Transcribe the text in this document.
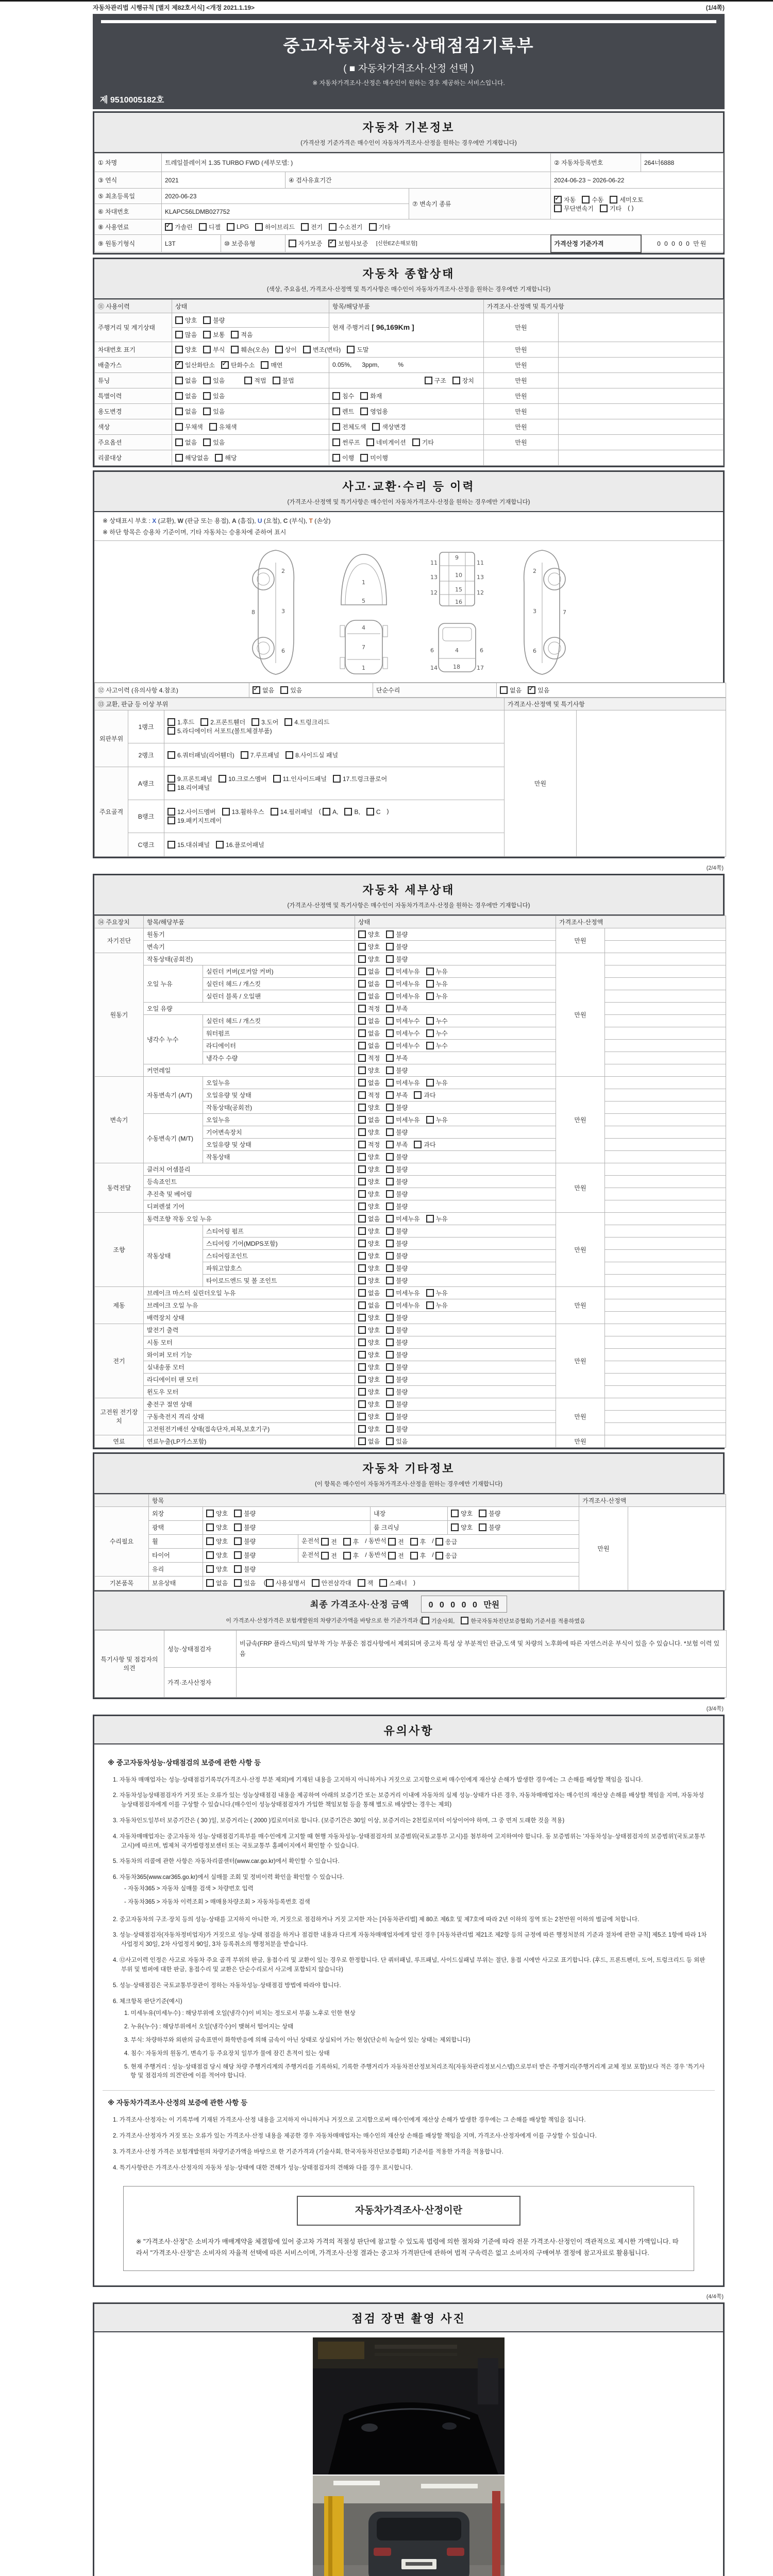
자동차관리법 시행규칙 [별지 제82호서식] <개정 2021.1.19>	(1/4쪽)
중고자동차성능·상태점검기록부
( ■ 자동차가격조사·산정 선택 )
※ 자동차가격조사·산정은 매수인이 원하는 경우 제공하는 서비스입니다.
제 9510005182호
자동차 기본정보
(가격산정 기준가격은 매수인이 자동차가격조사·산정을 원하는 경우에만 기재합니다)
① 차명	트레일블레이저 1.35 TURBO FWD (세부모델: )				② 자동차등록번호	264너6888
③ 연식	2021		④ 검사유효기간		2024-06-23 ~ 2026-06-22	
⑤ 최초등록일	2020-06-23			⑦ 변속기 종류	✓자동 수동 세미오토
무단변속기 기타 ( )
⑥ 차대번호	KLAPC56LDMB027752					
⑧ 사용연료	✓가솔린 디젤 LPG 하이브리드 전기 수소전기 기타
⑨ 원동기형식	L3T	⑩ 보증유형	자가보증 ✓ 보험사보증 [신한EZ손해보험]		가격산정 기준가격	0 0 0 0 0 만원
자동차 종합상태
(색상, 주요옵션, 가격조사·산정액 및 특기사항은 매수인이 자동차가격조사·산정을 원하는 경우에만 기재합니다)
⑪ 사용이력	상태	항목/해당부품	가격조사·산정액 및 특기사항	
주행거리 및 계기상태	양호 불량	현재 주행거리 [ 96,169Km ]	만원	
	많음 보통 적음			
차대번호 표기	양호 부식 훼손(오손) 상이 변조(변타) 도말		만원	
배출가스	✓일산화탄소 ✓ 탄화수소 매연	0.05%,      3ppm,           %	만원	
튜닝	없음 있음 적법 불법	구조 장치	만원	
특별이력	없음 있음	침수 화재	만원	
용도변경	없음 있음	렌트 영업용	만원	
색상	무채색 유채색	전체도색 색상변경	만원	
주요옵션	없음 있음	썬루프 네비게이션 기타	만원	
리콜대상	해당없음 해당	이행 미이행		
사고·교환·수리 등 이력
(가격조사·산정액 및 특기사항은 매수인이 자동차가격조사·산정을 원하는 경우에만 기재합니다)
※ 상태표시 부호 : X (교환), W (판금 또는 용접), A (흠집), U (요철), C (부식), T (손상)
※ 하단 항목은 승용차 기준이며, 기타 자동차는 승용차에 준하여 표시
2
3
6
8
1
5
4
7
1
9
11	11
13	13
10
15
12	12
16
6	6
4
18
14	17
2
3
6
7
⑫ 사고이력 (유의사항 4.참조)	✓없음	있음	단순수리	없음 ✓	있음
⑬ 교환, 판금 등 이상 부위			가격조사·산정액 및 특기사항	
외판부위	1랭크	1.후드 2.프론트휀더 3.도어 4.트렁크리드
5.라디에이터 서포트(볼트체결부품)	만원	
	2랭크	6.쿼터패널(리어휀더) 7.루프패널 8.사이드실 패널		
주요골격	A랭크	9.프론트패널 10.크로스멤버 11.인사이드패널 17.트렁크플로어
18.리어패널		
	B랭크	12.사이드멤버 13.휠하우스 14.필러패널 ( A, B, C )
19.패키지트레이		
	C랭크	15.대쉬패널 16.플로어패널		
(2/4쪽)
자동차 세부상태
(가격조사·산정액 및 특기사항은 매수인이 자동차가격조사·산정을 원하는 경우에만 기재합니다)
⑭ 주요장치	항목/해당부품		상태	가격조사·산정액	
자기진단	원동기		양호 불량	만원	
	변속기		양호 불량		
원동기	작동상태(공회전)		양호 불량	만원	
	오일 누유	실린더 커버(로커암 커버)	없음 미세누유 누유		
		실린더 헤드 / 개스킷	없음 미세누유 누유		
		실린더 블록 / 오일팬	없음 미세누유 누유		
	오일 유량		적정 부족		
	냉각수 누수	실린더 헤드 / 개스킷	없음 미세누수 누수		
		워터펌프	없음 미세누수 누수		
		라디에이터	없음 미세누수 누수		
		냉각수 수량	적정 부족		
	커먼레일		양호 불량		
변속기	자동변속기 (A/T)	오일누유	없음 미세누유 누유	만원	
		오일유량 및 상태	적정 부족 과다		
		작동상태(공회전)	양호 불량		
	수동변속기 (M/T)	오일누유	없음 미세누유 누유		
		기어변속장치	양호 불량		
		오일유량 및 상태	적정 부족 과다		
		작동상태	양호 불량		
동력전달	클러치 어셈블리		양호 불량	만원	
	등속죠인트		양호 불량		
	추진축 및 베어링		양호 불량		
	디퍼렌셜 기어		양호 불량		
조향	동력조향 작동 오일 누유		없음 미세누유 누유	만원	
	작동상태	스티어링 펌프	양호 불량		
		스티어링 기어(MDPS포함)	양호 불량		
		스티어링조인트	양호 불량		
		파워고압호스	양호 불량		
		타이로드엔드 및 볼 조인트	양호 불량		
제동	브레이크 마스터 실린더오일 누유		없음 미세누유 누유	만원	
	브레이크 오일 누유		없음 미세누유 누유		
	배력장치 상태		양호 불량		
전기	발전기 출력		양호 불량	만원	
	시동 모터		양호 불량		
	와이퍼 모터 기능		양호 불량		
	실내송풍 모터		양호 불량		
	라디에이터 팬 모터		양호 불량		
	윈도우 모터		양호 불량		
고전원 전기장치	충전구 절연 상태		양호 불량	만원	
	구동축전지 격리 상태		양호 불량		
	고전원전기배선 상태(접속단자,피복,보호기구)		양호 불량		
연료	연료누출(LP가스포함)		없음 있음	만원	
자동차 기타정보
(이 항목은 매수인이 자동차가격조사·산정을 원하는 경우에만 기재합니다)
	항목					가격조사·산정액	
수리필요	외장	양호 불량		내장	양호 불량	만원	
	광택	양호 불량		룸 크리닝	양호 불량		
	휠	양호 불량	운전석 전 후 / 동반석 전 후 / 응급				
	타이어	양호 불량	운전석 전 후 / 동반석 전 후 / 응급				
	유리	양호 불량					
기본품목	보유상태	없음 있음 ( 사용설명서 안전삼각대 잭 스패너 )					
최종 가격조사·산정 금액 0 0 0 0 0 만원
이 가격조사·산정가격은 보험개발원의 차량기준가액을 바탕으로 한 기준가격과 ( 기술사회,	한국자동차진단보증협회) 기준서를 적용하였음
특기사항 및 점검자의 의견	성능·상태점검자	비금속(FRP 플라스틱)의 탈부착 가능 부품은 점검사항에서 제외되며 중고차 특성 상 부분적인 판금,도색 및 차량의 노후화에 따른 자연스러운 부식이 있을 수 있습니다. *보험 이력 있음
	가격·조사산정자	
(3/4쪽)
유의사항
※ 중고자동차성능·상태점검의 보증에 관한 사항 등
1. 자동차 매매업자는 성능·상태점검기록부(가격조사·산정 부분 제외)에 기재된 내용을 고지하지 아니하거나 거짓으로 고지함으로써 매수인에게 재산상 손해가 발생한 경우에는 그 손해를 배상할 책임을 집니다.
2. 자동차성능상태점검자가 거짓 또는 오류가 있는 성능상태점검 내용을 제공하여 아래의 보증기간 또는 보증거리 이내에 자동차의 실제 성능·상태가 다른 경우, 자동차매매업자는 매수인의 재산상 손해를 배상할 책임을 지며, 자동차성능상태점검자에게 이를 구상할 수 있습니다.(매수인이 성능상태점검자가 가입한 책임보험 등을 통해 별도로 배상받는 경우는 제외)
3. 자동차인도일부터 보증기간은 ( 30 )일, 보증거리는 ( 2000 )킬로미터로 합니다. (보증기간은 30일 이상, 보증거리는 2천킬로미터 이상이어야 하며, 그 중 먼저 도래한 것을 적용)
4. 자동차매매업자는 중고자동차 성능·상태점검기록부를 매수인에게 고지할 때 현행 자동차성능·상태점검자의 보증범위(국토교통부 고시)를 첨부하여 고지하여야 합니다. 동 보증범위는 '자동차성능·상태점검자의 보증범위'(국토교통부 고시)에 따르며, 법제처 국가법령정보센터 또는 국토교통부 홈페이지에서 확인할 수 있습니다.
5. 자동차의 리콜에 관한 사항은 자동차리콜센터(www.car.go.kr)에서 확인할 수 있습니다.
6. 자동차365(www.car365.go.kr)에서 실매물 조회 및 정비이력 확인을 확인할 수 있습니다.
- 자동차365 > 자동차 실매물 검색 > 차량번호 입력
- 자동차365 > 자동차 이력조회 > 매매용차량조회 > 자동차등록번호 검색
2. 중고자동차의 구조·장치 등의 성능·상태를 고지하지 아니한 자, 거짓으로 점검하거나 거짓 고지한 자는 [자동차관리법] 제 80조 제6호 및 제7호에 따라 2년 이하의 징역 또는 2천만원 이하의 벌금에 처합니다.
3. 성능·상태점검자(자동차정비업자)가 거짓으로 성능·상태 점검을 하거나 점검한 내용과 다르게 자동차매매업자에게 알린 경우 [자동차관리법 제21조 제2항 등의 규정에 따른 행정처분의 기준과 절차에 관한 규칙] 제5조 1항에 따라 1차 사업정지 30일, 2차 사업정지 90일, 3차 등록취소의 행정처분을 받습니다.
4. ⑫사고이력 인정은 사고로 자동차 주요 골격 부위의 판금, 용접수리 및 교환이 있는 경우로 한정합니다. 단 쿼터패널, 루프패널, 사이드실패널 부위는 절단, 용접 시에만 사고로 표기합니다. (후드, 프론트펜더, 도어, 트렁크리드 등 외판 부위 및 범퍼에 대한 판금, 용접수리 및 교환은 단순수리로서 사고에 포함되지 않습니다)
5. 성능·상태점검은 국토교통부장관이 정하는 자동차성능·상태점검 방법에 따라야 합니다.
6. 체크항목 판단기준(예시)
1. 미세누유(미세누수) : 해당부위에 오일(냉각수)이 비치는 정도로서 부품 노후로 인한 현상
2. 누유(누수) : 해당부위에서 오일(냉각수)이 맺혀서 떨어지는 상태
3. 부식: 차량하부와 외판의 금속표면이 화학반응에 의해 금속이 아닌 상태로 상실되어 가는 현상(단순히 녹슬어 있는 상태는 제외합니다)
4. 침수: 자동차의 원동기, 변속기 등 주요장치 일부가 물에 잠긴 흔적이 있는 상태
5. 현재 주행거리 : 성능·상태점검 당시 해당 차량 주행거리계의 주행거리를 기록하되, 기록한 주행거리가 자동차전산정보처리조직(자동차관리정보시스템)으로부터 받은 주행거리(주행거리계 교체 정보 포함)보다 적은 경우 '특기사항 및 점검자의 의견'란에 이를 적어야 합니다.
※ 자동차가격조사·산정의 보증에 관한 사항 등
1. 가격조사·산정자는 이 기록부에 기재된 가격조사·산정 내용을 고지하지 아니하거나 거짓으로 고지함으로써 매수인에게 재산상 손해가 발생한 경우에는 그 손해를 배상할 책임을 집니다.
2. 가격조사·산정자가 거짓 또는 오류가 있는 가격조사·산정 내용을 제공한 경우 자동차매매업자는 매수인의 재산상 손해를 배상할 책임을 지며, 가격조사·산정자에게 이를 구상할 수 있습니다.
3. 가격조사·산정 가격은 보험개발원의 차량기준가액을 바탕으로 한 기준가격과 (기술사회, 한국자동차진단보증협회) 기준서를 적용한 가격을 적용합니다.
4. 특기사항란은 가격조사·산정자의 자동차 성능·상태에 대한 견해가 성능·상태점검자의 견해와 다를 경우 표시합니다.
자동차가격조사·산정이란
※ "가격조사·산정"은 소비자가 매매계약을 체결함에 있어 중고차 가격의 적절성 판단에 참고할 수 있도록 법령에 의한 절차와 기준에 따라 전문 가격조사·산정인이 객관적으로 제시한 가액입니다. 따라서 "가격조사·산정"은 소비자의 자율적 선택에 따른 서비스이며, 가격조사·산정 결과는 중고차 가격판단에 관하여 법적 구속력은 없고 소비자의 구매여부 결정에 참고자료로 활용됩니다.
(4/4쪽)
점검 장면 촬영 사진
